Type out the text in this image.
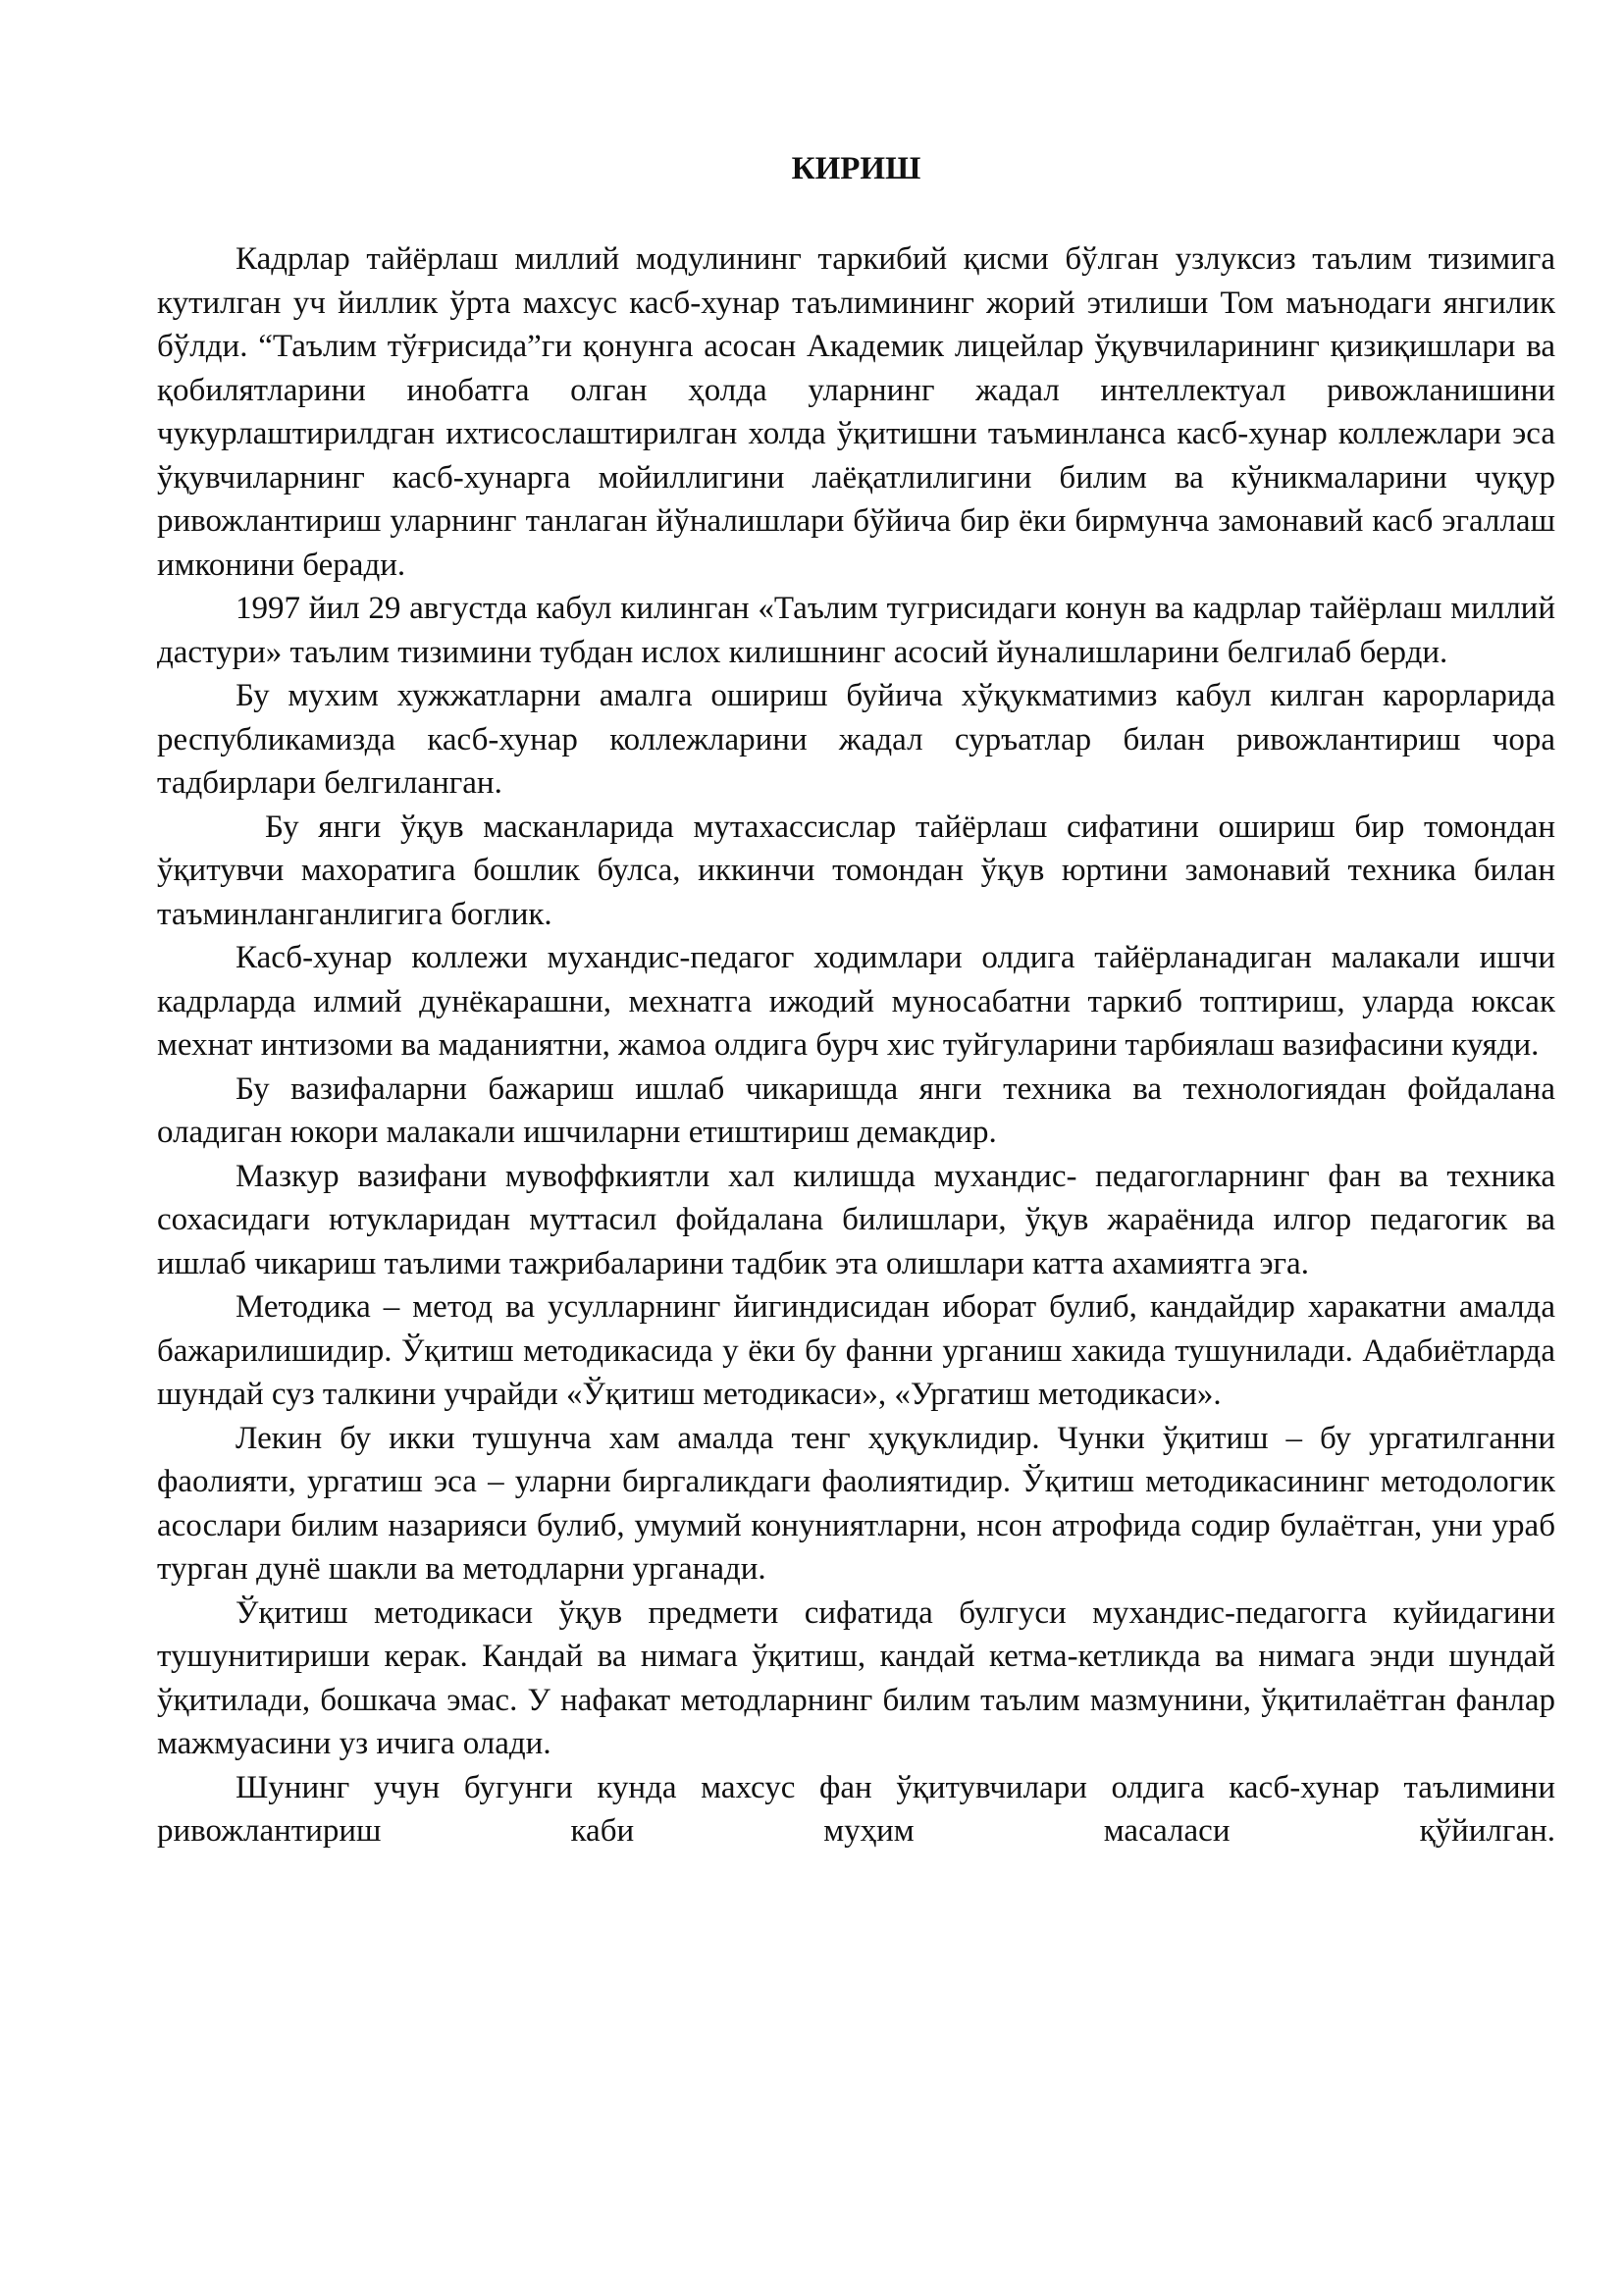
КИРИШ

Кадрлар тайёрлаш миллий модулининг таркибий қисми бўлган узлуксиз таълим тизимига кутилган уч йиллик ўрта махсус касб-хунар таълимининг жорий этилиши Том маънодаги янгилик бўлди. “Таълим тўғрисида”ги қонунга асосан Академик лицейлар ўқувчиларининг қизиқишлари ва қобилятларини инобатга олган ҳолда уларнинг жадал интеллектуал ривожланишини чукурлаштирилдган ихтисослаштирилган холда ўқитишни таъминланса касб-хунар коллежлари эса ўқувчиларнинг касб-хунарга мойиллигини лаёқатлилигини билим ва кўникмаларини чуқур ривожлантириш уларнинг танлаган йўналишлари бўйича бир ёки бирмунча замонавий касб эгаллаш имконини беради.

1997 йил 29 августда кабул килинган «Таълим тугрисидаги конун ва кадрлар тайёрлаш миллий дастури» таълим тизимини тубдан ислох килишнинг асосий йуналишларини белгилаб берди.

Бу мухим хужжатларни амалга ошириш буйича хўқукматимиз кабул килган карорларида республикамизда касб-хунар коллежларини жадал суръатлар билан ривожлантириш чора тадбирлари белгиланган.

Бу янги ўқув масканларида мутахассислар тайёрлаш сифатини ошириш бир томондан ўқитувчи махоратига бошлик булса, иккинчи томондан ўқув юртини замонавий техника билан таъминланганлигига боглик.

Касб-хунар коллежи мухандис-педагог ходимлари олдига тайёрланадиган малакали ишчи кадрларда илмий дунёкарашни, мехнатга ижодий муносабатни таркиб топтириш, уларда юксак мехнат интизоми ва маданиятни, жамоа олдига бурч хис туйгуларини тарбиялаш вазифасини куяди.

Бу вазифаларни бажариш ишлаб чикаришда янги техника ва технологиядан фойдалана оладиган юкори малакали ишчиларни етиштириш демакдир.

Мазкур вазифани мувоффкиятли хал килишда мухандис- педагогларнинг фан ва техника сохасидаги ютукларидан муттасил фойдалана билишлари, ўқув жараёнида илгор педагогик ва ишлаб чикариш таълими тажрибаларини тадбик эта олишлари катта ахамиятга эга.

Методика – метод ва усулларнинг йигиндисидан иборат булиб, кандайдир харакатни амалда бажарилишидир. Ўқитиш методикасида у ёки бу фанни урганиш хакида тушунилади. Адабиётларда шундай суз талкини учрайди «Ўқитиш методикаси», «Ургатиш методикаси».

Лекин бу икки тушунча хам амалда тенг ҳуқуклидир. Чунки ўқитиш – бу ургатилганни фаолияти, ургатиш эса – уларни биргаликдаги фаолиятидир. Ўқитиш методикасининг методологик асослари билим назарияси булиб, умумий конуниятларни, нсон атрофида содир булаётган, уни ураб турган дунё шакли ва методларни урганади.

Ўқитиш методикаси ўқув предмети сифатида булгуси мухандис-педагогга куйидагини тушунитириши керак. Кандай ва нимага ўқитиш, кандай кетма-кетликда ва нимага энди шундай ўқитилади, бошкача эмас. У нафакат методларнинг билим таълим мазмунини, ўқитилаётган фанлар мажмуасини уз ичига олади.

Шунинг учун бугунги кунда махсус фан ўқитувчилари олдига касб-хунар таълимини ривожлантириш каби муҳим масаласи қўйилган.
